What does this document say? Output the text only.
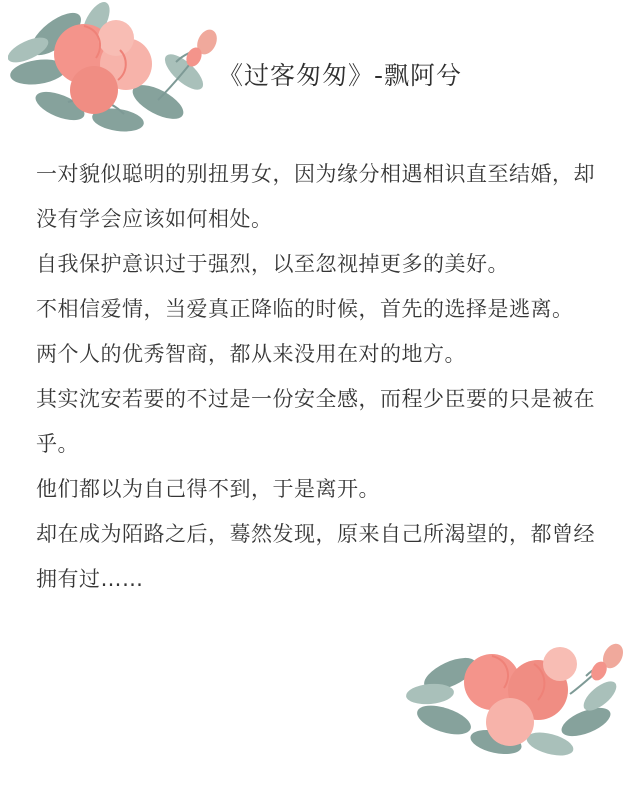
《过客匆匆》-飘阿兮

一对貌似聪明的别扭男女，因为缘分相遇相识直至结婚，却没有学会应该如何相处。

自我保护意识过于强烈，以至忽视掉更多的美好。

不相信爱情，当爱真正降临的时候，首先的选择是逃离。

两个人的优秀智商，都从来没用在对的地方。

其实沈安若要的不过是一份安全感，而程少臣要的只是被在乎。

他们都以为自己得不到，于是离开。

却在成为陌路之后，蓦然发现，原来自己所渴望的，都曾经拥有过……
